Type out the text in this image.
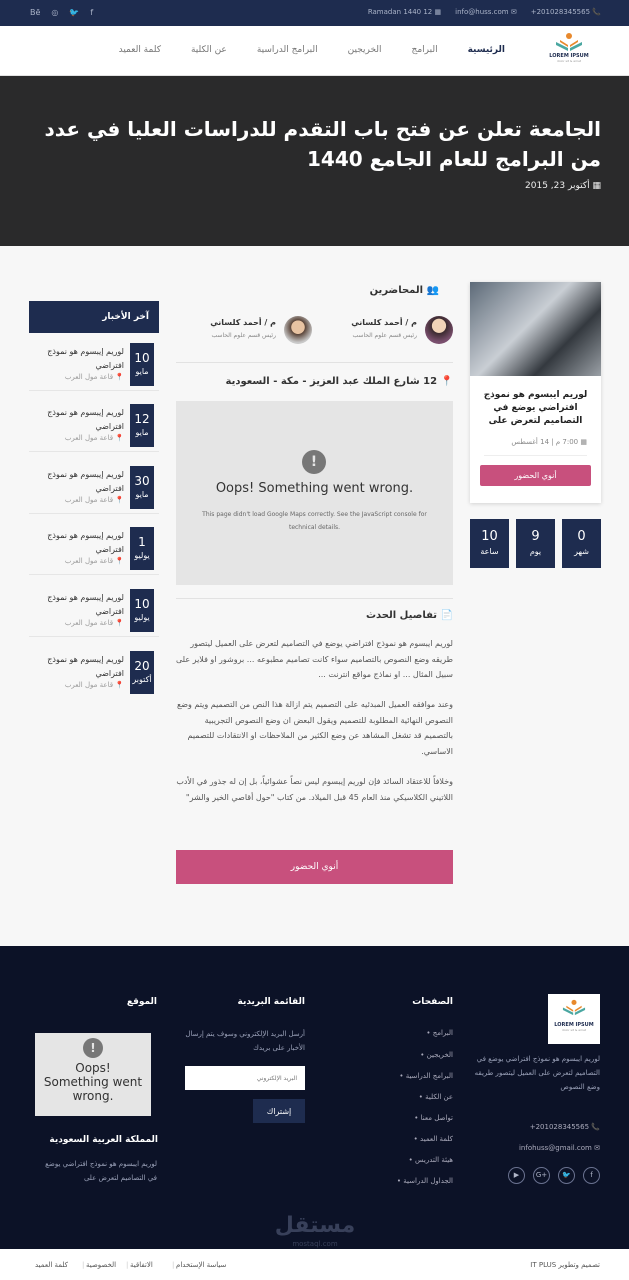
Bē ◎ 🐦 f	📞 201028345565+
✉ info@huss.com
▦ Ramadan 1440 12
LOREM IPSUM
dolor sit & amet
الرئيسية
البرامج
الخريجين
البرامج الدراسية
عن الكلية
كلمة العميد
الجامعة تعلن عن فتح باب التقدم للدراسات العليا في عدد من البرامج للعام الجامع 1440
▦ أكتوبر 23, 2015
لوريم ايبسوم هو نموذج افتراضي يوضع في التصاميم لتعرض على
▦ 7:00 م | 14 أغسطس
أنوي الحضور
0
شهر
9
يوم
10
ساعة
👥 المحاضرين
م / أحمد كلساني
رئيس قسم علوم الحاسب
م / أحمد كلساني
رئيس قسم علوم الحاسب
📍 12 شارع الملك عبد العزيز - مكة - السعودية
!
Oops! Something went wrong.
This page didn't load Google Maps correctly. See the JavaScript console for technical details.
📄 تفاصيل الحدث
لوريم ايبسوم هو نموذج افتراضي يوضع في التصاميم لتعرض على العميل ليتصور طريقه وضع النصوص بالتصاميم سواء كانت تصاميم مطبوعه ... بروشور او فلاير على سبيل المثال ... او نماذج مواقع انترنت ...
وعند موافقه العميل المبدئيه على التصميم يتم ازالة هذا النص من التصميم ويتم وضع النصوص النهائية المطلوبة للتصميم ويقول البعض ان وضع النصوص التجريبية بالتصميم قد تشغل المشاهد عن وضع الكثير من الملاحظات او الانتقادات للتصميم الاساسي.
وخلافاً للاعتقاد السائد فإن لوريم إيبسوم ليس نصاً عشوائياً، بل إن له جذور في الأدب اللاتيني الكلاسيكي منذ العام 45 قبل الميلاد. من كتاب "حول أقاصي الخير والشر"
أنوي الحضور
آخر الأخبار
10
مايو
لوريم إيبسوم هو نموذج افتراضي
📍 قاعة مول العرب
12
مايو
لوريم إيبسوم هو نموذج افتراضي
📍 قاعة مول العرب
30
مايو
لوريم إيبسوم هو نموذج افتراضي
📍 قاعة مول العرب
1
يوليو
لوريم إيبسوم هو نموذج افتراضي
📍 قاعة مول العرب
10
يوليو
لوريم إيبسوم هو نموذج افتراضي
📍 قاعة مول العرب
20
أكتوبر
لوريم إيبسوم هو نموذج افتراضي
📍 قاعة مول العرب
LOREM IPSUM
dolor sit & amet
لوريم ايبسوم هو نموذج افتراضي يوضع في التصاميم لتعرض على العميل ليتصور طريقه وضع النصوص
📞 201028345565+
✉ infohuss@gmail.com
f
🐦
G+
▶
الصفحات
البرامج •
الخريجين •
البرامج الدراسية •
عن الكلية •
تواصل معنا •
كلمة العميد •
هيئة التدريس •
الجداول الدراسية •
القائمة البريدية
أرسل البريد الإلكتروني وسوف يتم إرسال الأخبار على بريدك
البريد الإلكتروني
إشتراك
الموقع
!
Oops! Something went wrong.
المملكة العربية السعودية
لوريم ايبسوم هو نموذج افتراضي يوضع في التصاميم لتعرض على
مستقل
mostaql.com
تصميم وتطوير IT PLUS
سياسة الإستخدام
|
الاتفاقية
|
الخصوصية
|
كلمة العميد
